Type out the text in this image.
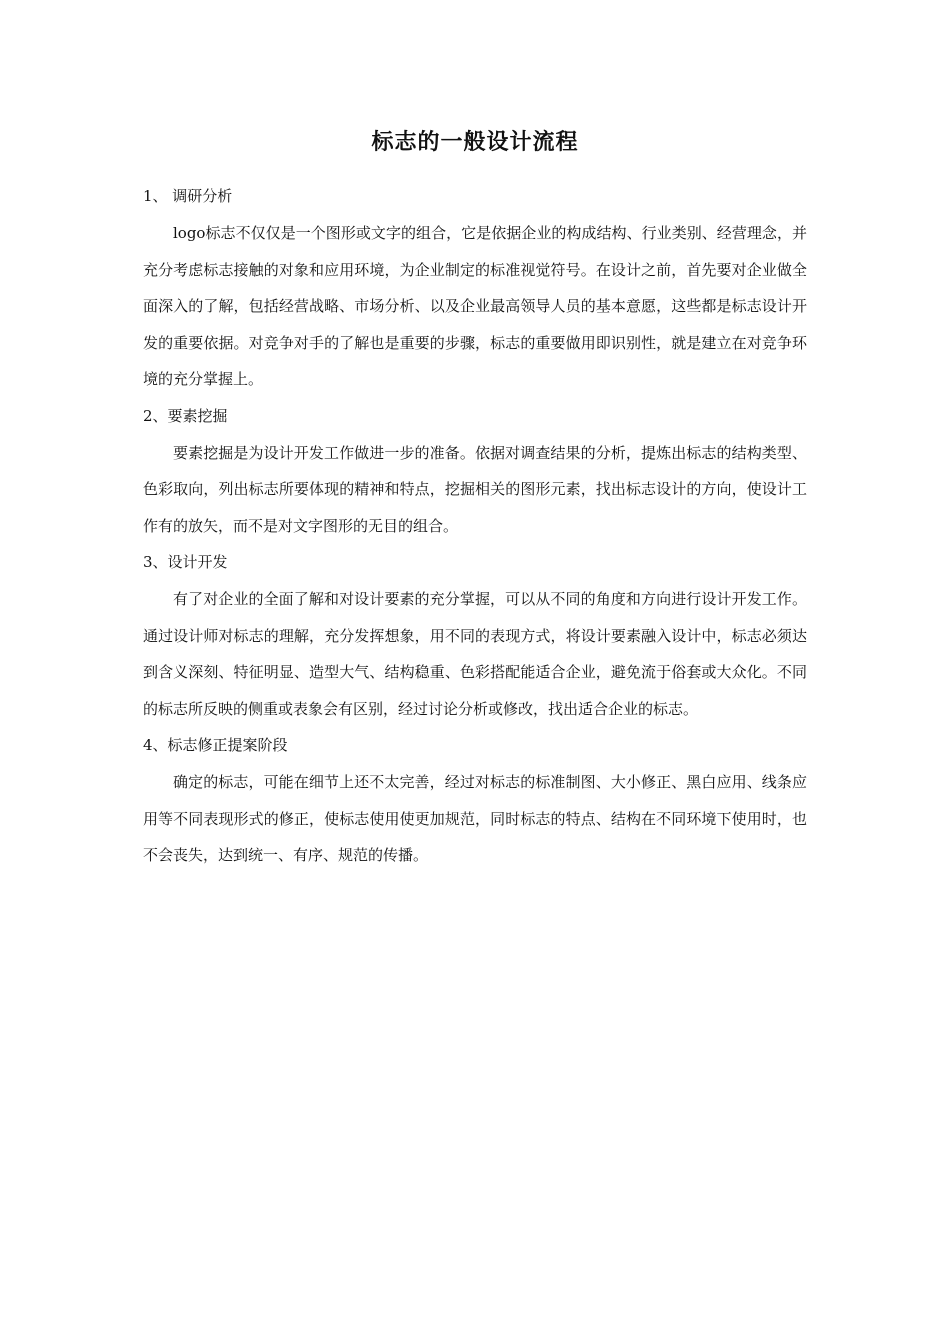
标志的一般设计流程

1、 调研分析

logo标志不仅仅是一个图形或文字的组合，它是依据企业的构成结构、行业类别、经营理念，并充分考虑标志接触的对象和应用环境，为企业制定的标准视觉符号。在设计之前，首先要对企业做全面深入的了解，包括经营战略、市场分析、以及企业最高领导人员的基本意愿，这些都是标志设计开发的重要依据。对竞争对手的了解也是重要的步骤，标志的重要做用即识别性，就是建立在对竞争环境的充分掌握上。

2、要素挖掘

要素挖掘是为设计开发工作做进一步的准备。依据对调查结果的分析，提炼出标志的结构类型、色彩取向，列出标志所要体现的精神和特点，挖掘相关的图形元素，找出标志设计的方向，使设计工作有的放矢，而不是对文字图形的无目的组合。

3、设计开发

有了对企业的全面了解和对设计要素的充分掌握，可以从不同的角度和方向进行设计开发工作。通过设计师对标志的理解，充分发挥想象，用不同的表现方式，将设计要素融入设计中，标志必须达到含义深刻、特征明显、造型大气、结构稳重、色彩搭配能适合企业，避免流于俗套或大众化。不同的标志所反映的侧重或表象会有区别，经过讨论分析或修改，找出适合企业的标志。

4、标志修正提案阶段

确定的标志，可能在细节上还不太完善，经过对标志的标准制图、大小修正、黑白应用、线条应用等不同表现形式的修正，使标志使用使更加规范，同时标志的特点、结构在不同环境下使用时，也不会丧失，达到统一、有序、规范的传播。
